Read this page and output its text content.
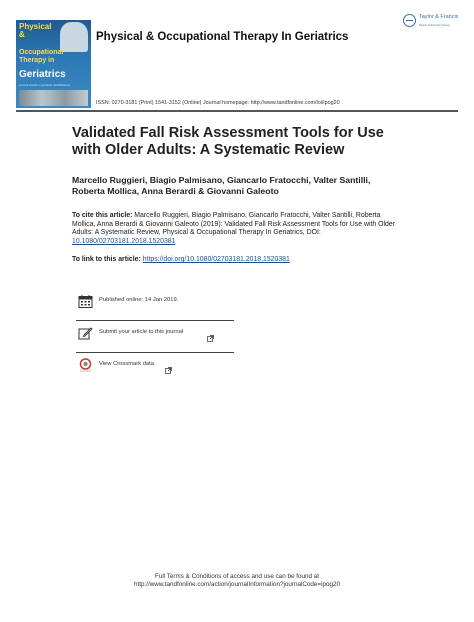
Physical &
Occupational Therapy in
Geriatrics
current trends in geriatric rehabilitation
Physical & Occupational Therapy In Geriatrics
Taylor & Francis
Taylor & Francis Group
ISSN: 0270-3181 (Print) 1541-3152 (Online) Journal homepage: http://www.tandfonline.com/loi/ipog20
Validated Fall Risk Assessment Tools for Use with Older Adults: A Systematic Review

Marcello Ruggieri, Biagio Palmisano, Giancarlo Fratocchi, Valter Santilli, Roberta Mollica, Anna Berardi & Giovanni Galeoto

To cite this article: Marcello Ruggieri, Biagio Palmisano, Giancarlo Fratocchi, Valter Santilli, Roberta Mollica, Anna Berardi & Giovanni Galeoto (2019): Validated Fall Risk Assessment Tools for Use with Older Adults: A Systematic Review, Physical & Occupational Therapy In Geriatrics, DOI: 10.1080/02703181.2018.1520381

To link to this article: https://doi.org/10.1080/02703181.2018.1520381
Published online: 14 Jan 2019.
Submit your article to this journal
View Crossmark data
Full Terms & Conditions of access and use can be found at
http://www.tandfonline.com/action/journalInformation?journalCode=ipog20
